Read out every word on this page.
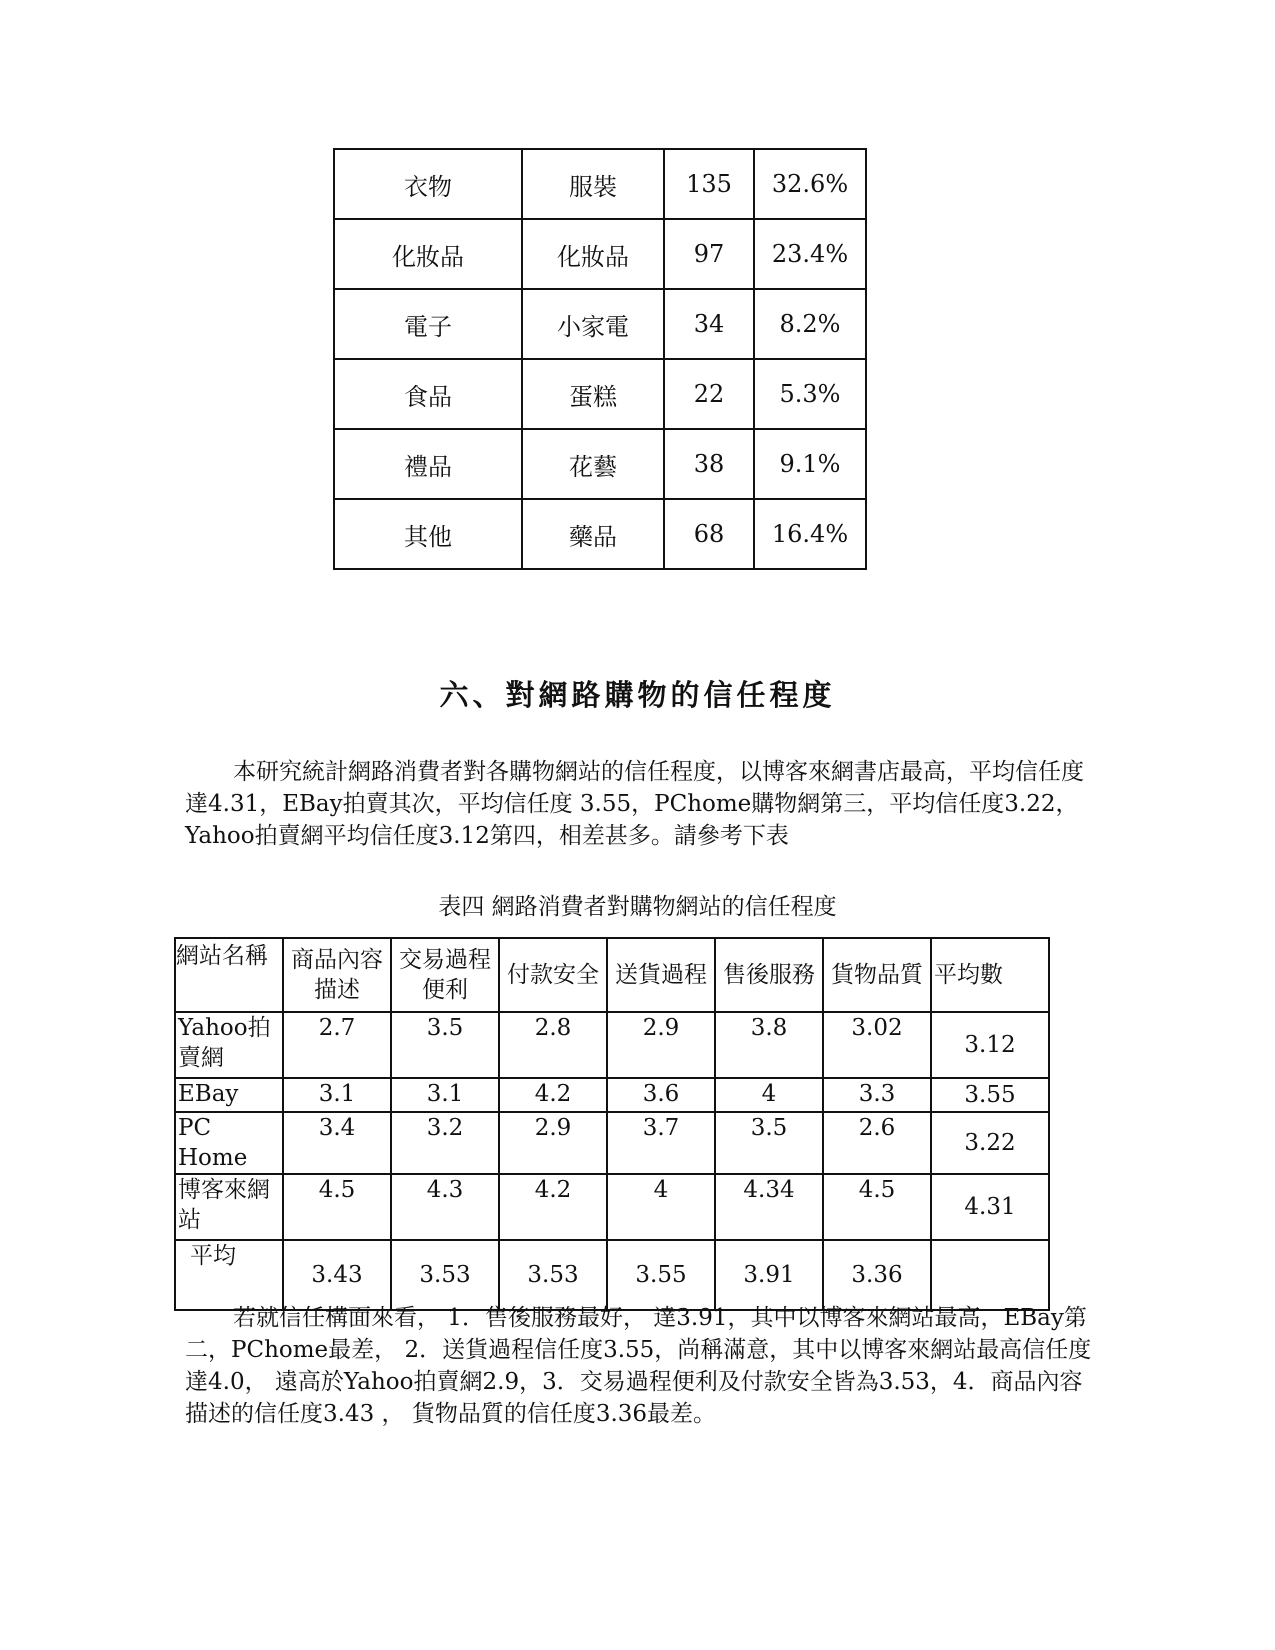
衣物	服裝	135	32.6%
化妝品	化妝品	97	23.4%
電子	小家電	34	8.2%
食品	蛋糕	22	5.3%
禮品	花藝	38	9.1%
其他	藥品	68	16.4%
六、對網路購物的信任程度
本研究統計網路消費者對各購物網站的信任程度，以博客來網書店最高，平均信任度達4.31，EBay拍賣其次，平均信任度 3.55，PChome購物網第三，平均信任度3.22，Yahoo拍賣網平均信任度3.12第四，相差甚多。請參考下表
表四 網路消費者對購物網站的信任程度
網站名稱	商品內容描述	交易過程便利	付款安全	送貨過程	售後服務	貨物品質	平均數
Yahoo拍賣網	2.7	3.5	2.8	2.9	3.8	3.02	3.12
EBay	3.1	3.1	4.2	3.6	4	3.3	3.55
PC Home	3.4	3.2	2.9	3.7	3.5	2.6	3.22
博客來網站	4.5	4.3	4.2	4	4.34	4.5	4.31
平均	3.43	3.53	3.53	3.55	3.91	3.36	
若就信任構面來看， 1．售後服務最好， 達3.91，其中以博客來網站最高，EBay第二，PChome最差， 2．送貨過程信任度3.55，尚稱滿意，其中以博客來網站最高信任度達4.0， 遠高於Yahoo拍賣網2.9，3．交易過程便利及付款安全皆為3.53，4．商品內容描述的信任度3.43 ， 貨物品質的信任度3.36最差。
